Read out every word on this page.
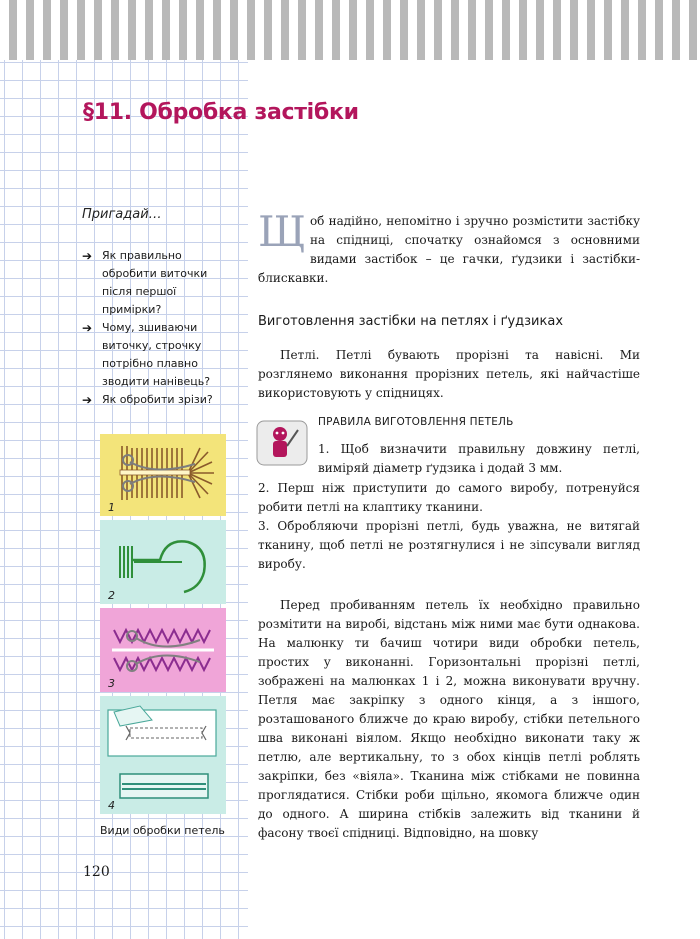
§11. Обробка застібки
Пригадай…
➔ Як правильно обробити виточки після першої примірки?
➔ Чому, зшиваючи виточку, строчку потрібно плавно зводити нанівець?
➔ Як обробити зрізи?
1
2
3
4
Види обробки петель
120

Щоб надійно, непомітно і зручно розмістити застібку на спідниці, спочатку ознайомся з основними видами застібок – це гачки, ґудзики і застібки-блискавки.

Виготовлення застібки на петлях і ґудзиках

Петлі. Петлі бувають прорізні та навісні. Ми розглянемо виконання прорізних петель, які найчастіше використовують у спідницях.

ПРАВИЛА ВИГОТОВЛЕННЯ ПЕТЕЛЬ

1. Щоб визначити правильну довжину петлі, виміряй діаметр ґудзика і додай 3 мм.

2. Перш ніж приступити до самого виробу, потренуйся робити петлі на клаптику тканини.

3. Обробляючи прорізні петлі, будь уважна, не витягай тканину, щоб петлі не розтягнулися і не зіпсували вигляд виробу.

Перед пробиванням петель їх необхідно правильно розмітити на виробі, відстань між ними має бути однакова. На малюнку ти бачиш чотири види обробки петель, простих у виконанні. Горизонтальні прорізні петлі, зображені на малюнках 1 і 2, можна виконувати вручну. Петля має закріпку з одного кінця, а з іншого, розташованого ближче до краю виробу, стібки петельного шва виконані віялом. Якщо необхідно виконати таку ж петлю, але вертикальну, то з обох кінців петлі роблять закріпки, без «віяла». Тканина між стібками не повинна проглядатися. Стібки роби щільно, якомога ближче один до одного. А ширина стібків залежить від тканини й фасону твоєї спідниці. Відповідно, на шовку
